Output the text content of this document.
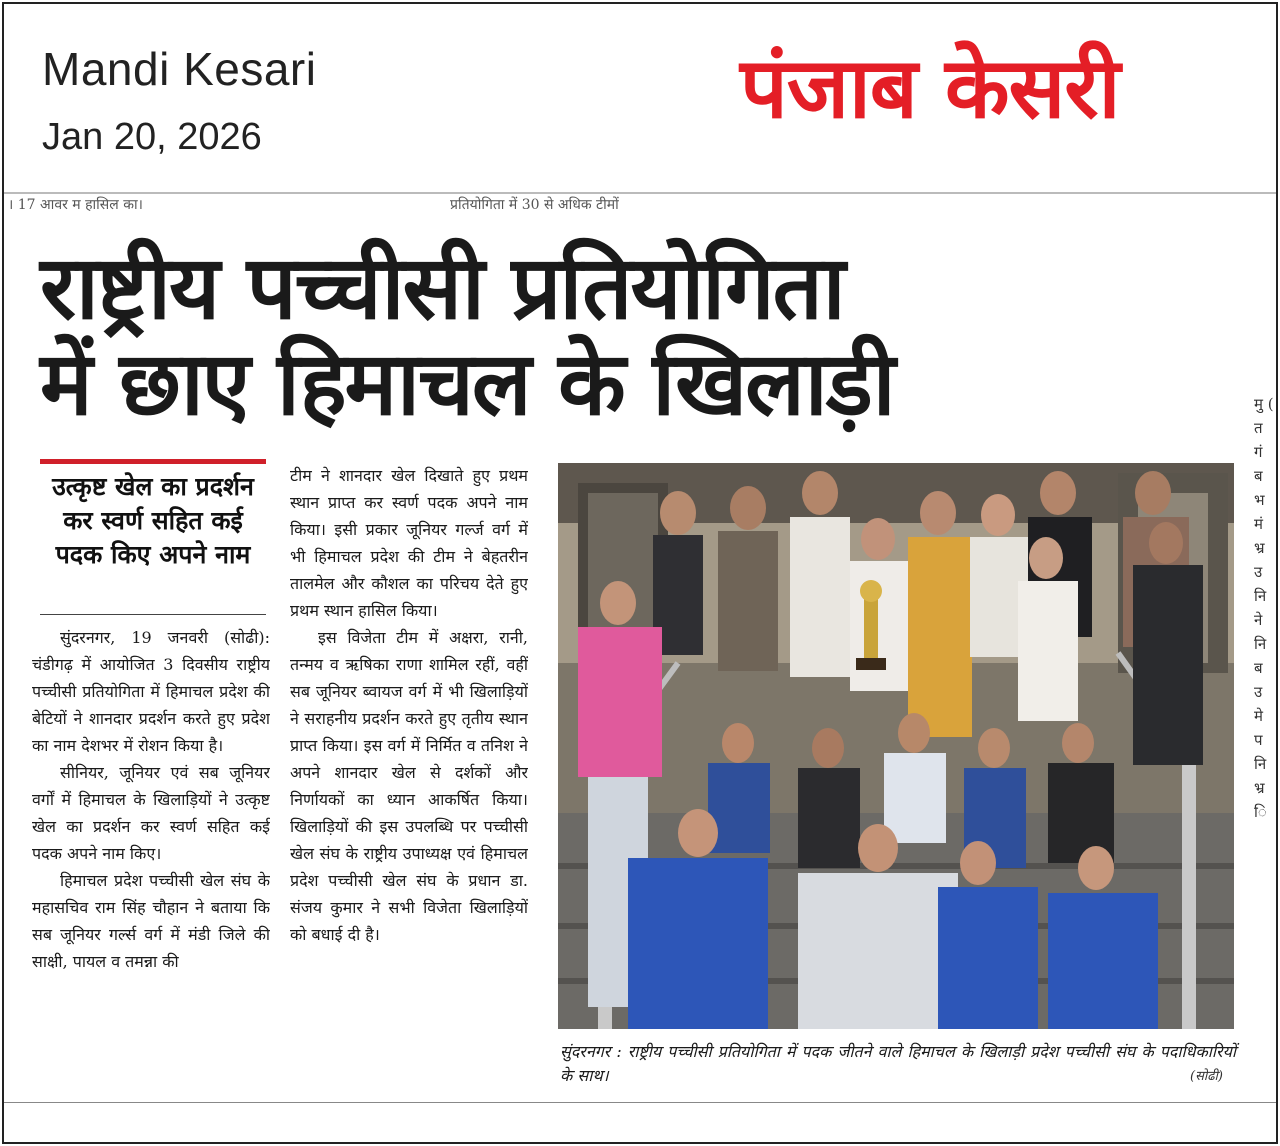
Mandi Kesari
Jan 20, 2026	पंजाब केसरी
। 17 आवर म हासिल का।	प्रतियोगिता में 30 से अधिक टीमों
राष्ट्रीय पच्चीसी प्रतियोगिता
में छाए हिमाचल के खिलाड़ी
उत्कृष्ट खेल का प्रदर्शन कर स्वर्ण सहित कई पदक किए अपने नाम

सुंदरनगर, 19 जनवरी (सोढी): चंडीगढ़ में आयोजित 3 दिवसीय राष्ट्रीय पच्चीसी प्रतियोगिता में हिमाचल प्रदेश की बेटियों ने शानदार प्रदर्शन करते हुए प्रदेश का नाम देशभर में रोशन किया है।

सीनियर, जूनियर एवं सब जूनियर वर्गों में हिमाचल के खिलाड़ियों ने उत्कृष्ट खेल का प्रदर्शन कर स्वर्ण सहित कई पदक अपने नाम किए।

हिमाचल प्रदेश पच्चीसी खेल संघ के महासचिव राम सिंह चौहान ने बताया कि सब जूनियर गर्ल्स वर्ग में मंडी जिले की साक्षी, पायल व तमन्ना की

टीम ने शानदार खेल दिखाते हुए प्रथम स्थान प्राप्त कर स्वर्ण पदक अपने नाम किया। इसी प्रकार जूनियर गर्ल्ज वर्ग में भी हिमाचल प्रदेश की टीम ने बेहतरीन तालमेल और कौशल का परिचय देते हुए प्रथम स्थान हासिल किया।

इस विजेता टीम में अक्षरा, रानी, तन्मय व ऋषिका राणा शामिल रहीं, वहीं सब जूनियर ब्वायज वर्ग में भी खिलाड़ियों ने सराहनीय प्रदर्शन करते हुए तृतीय स्थान प्राप्त किया। इस वर्ग में निर्मित व तनिश ने अपने शानदार खेल से दर्शकों और निर्णायकों का ध्यान आकर्षित किया। खिलाड़ियों की इस उपलब्धि पर पच्चीसी खेल संघ के राष्ट्रीय उपाध्यक्ष एवं हिमाचल प्रदेश पच्चीसी खेल संघ के प्रधान डा. संजय कुमार ने सभी विजेता खिलाड़ियों को बधाई दी है।

सुंदरनगर : राष्ट्रीय पच्चीसी प्रतियोगिता में पदक जीतने वाले हिमाचल के खिलाड़ी प्रदेश पच्चीसी संघ के पदाधिकारियों के साथ।	(सोढी)
मु ( त गं ब भ मं भ्र उ नि ने नि ब उ मे प नि भ्र ि
